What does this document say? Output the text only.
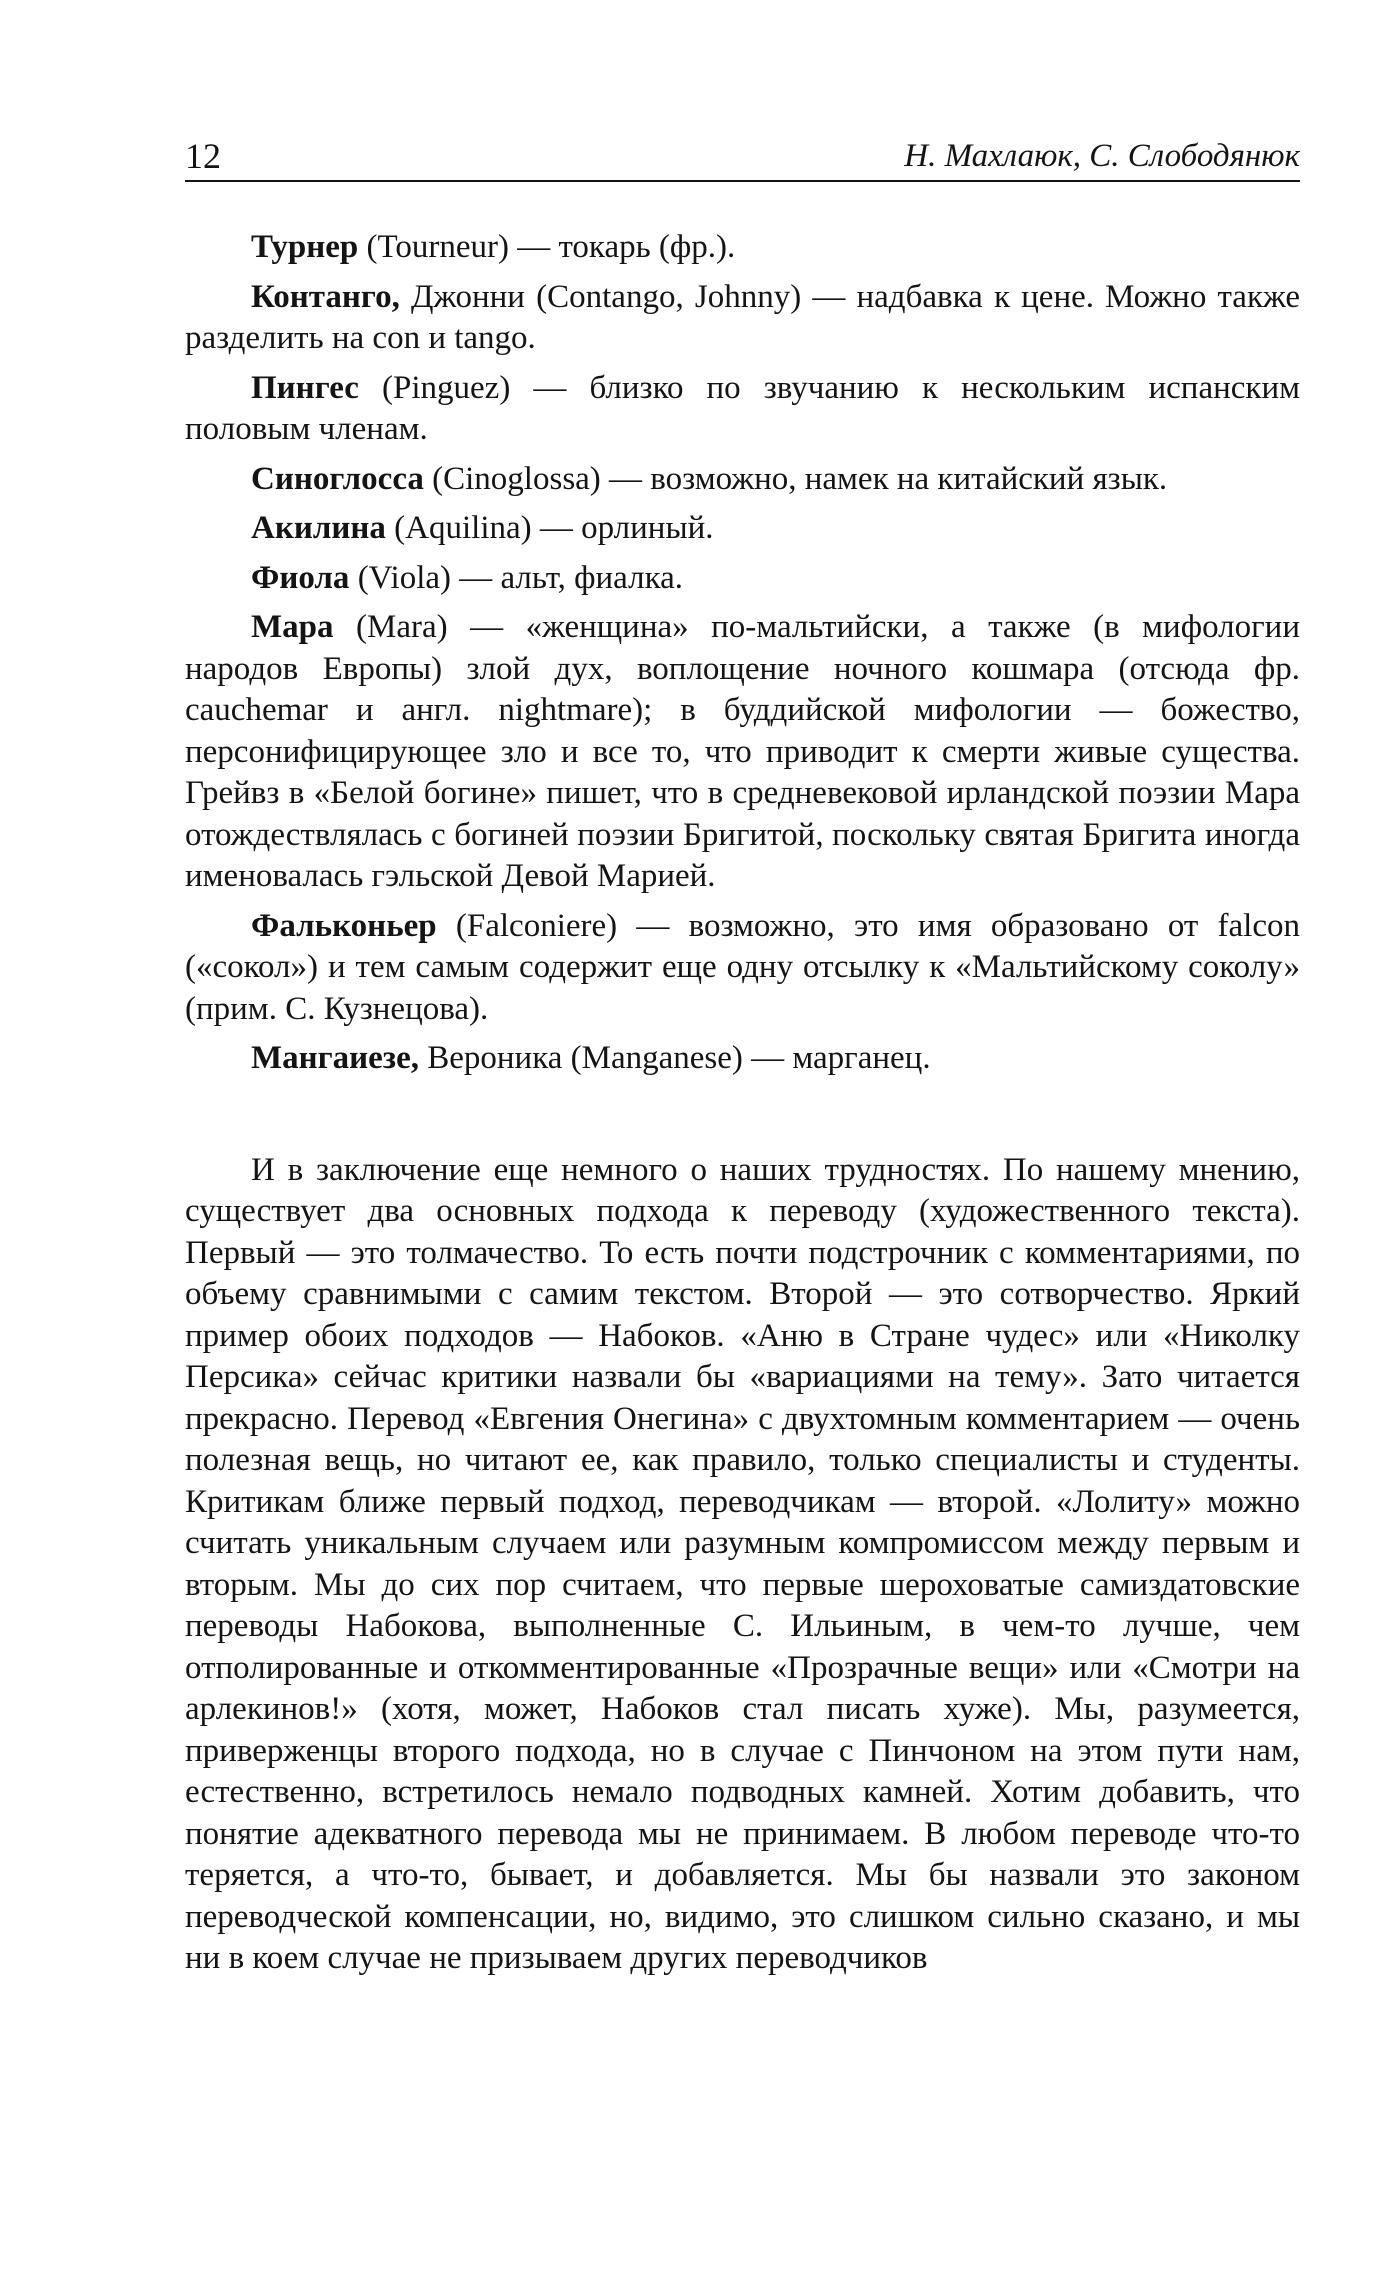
12	Н. Махлаюк, С. Слободянюк

Турнер (Tourneur) — токарь (фр.).

Контанго, Джонни (Contango, Johnny) — надбавка к цене. Можно также разделить на con и tango.

Пингес (Pinguez) — близко по звучанию к нескольким испанским половым членам.

Синоглосса (Cinoglossa) — возможно, намек на китайский язык.

Акилина (Aquilina) — орлиный.

Фиола (Viola) — альт, фиалка.

Мара (Mara) — «женщина» по-мальтийски, а также (в мифологии народов Европы) злой дух, воплощение ночного кошмара (отсюда фр. cauchemar и англ. nightmare); в буддийской мифологии — божество, персонифицирующее зло и все то, что приводит к смерти живые существа. Грейвз в «Белой богине» пишет, что в средневековой ирландской поэзии Мара отождествлялась с богиней поэзии Бригитой, поскольку святая Бригита иногда именовалась гэльской Девой Марией.

Фальконьер (Falconiere) — возможно, это имя образовано от falcon («сокол») и тем самым содержит еще одну отсылку к «Мальтийскому соколу» (прим. С. Кузнецова).

Мангаиезе, Вероника (Manganese) — марганец.

И в заключение еще немного о наших трудностях. По нашему мнению, существует два основных подхода к переводу (художественного текста). Первый — это толмачество. То есть почти подстрочник с комментариями, по объему сравнимыми с самим текстом. Второй — это сотворчество. Яркий пример обоих подходов — Набоков. «Аню в Стране чудес» или «Николку Персика» сейчас критики назвали бы «вариациями на тему». Зато читается прекрасно. Перевод «Евгения Онегина» с двухтомным комментарием — очень полезная вещь, но читают ее, как правило, только специалисты и студенты. Критикам ближе первый подход, переводчикам — второй. «Лолиту» можно считать уникальным случаем или разумным компромиссом между первым и вторым. Мы до сих пор считаем, что первые шероховатые самиздатовские переводы Набокова, выполненные С. Ильиным, в чем-то лучше, чем отполированные и откомментированные «Прозрачные вещи» или «Смотри на арлекинов!» (хотя, может, Набоков стал писать хуже). Мы, разумеется, приверженцы второго подхода, но в случае с Пинчоном на этом пути нам, естественно, встретилось немало подводных камней. Хотим добавить, что понятие адекватного перевода мы не принимаем. В любом переводе что-то теряется, а что-то, бывает, и добавляется. Мы бы назвали это законом переводческой компенсации, но, видимо, это слишком сильно сказано, и мы ни в коем случае не призываем других переводчиков
